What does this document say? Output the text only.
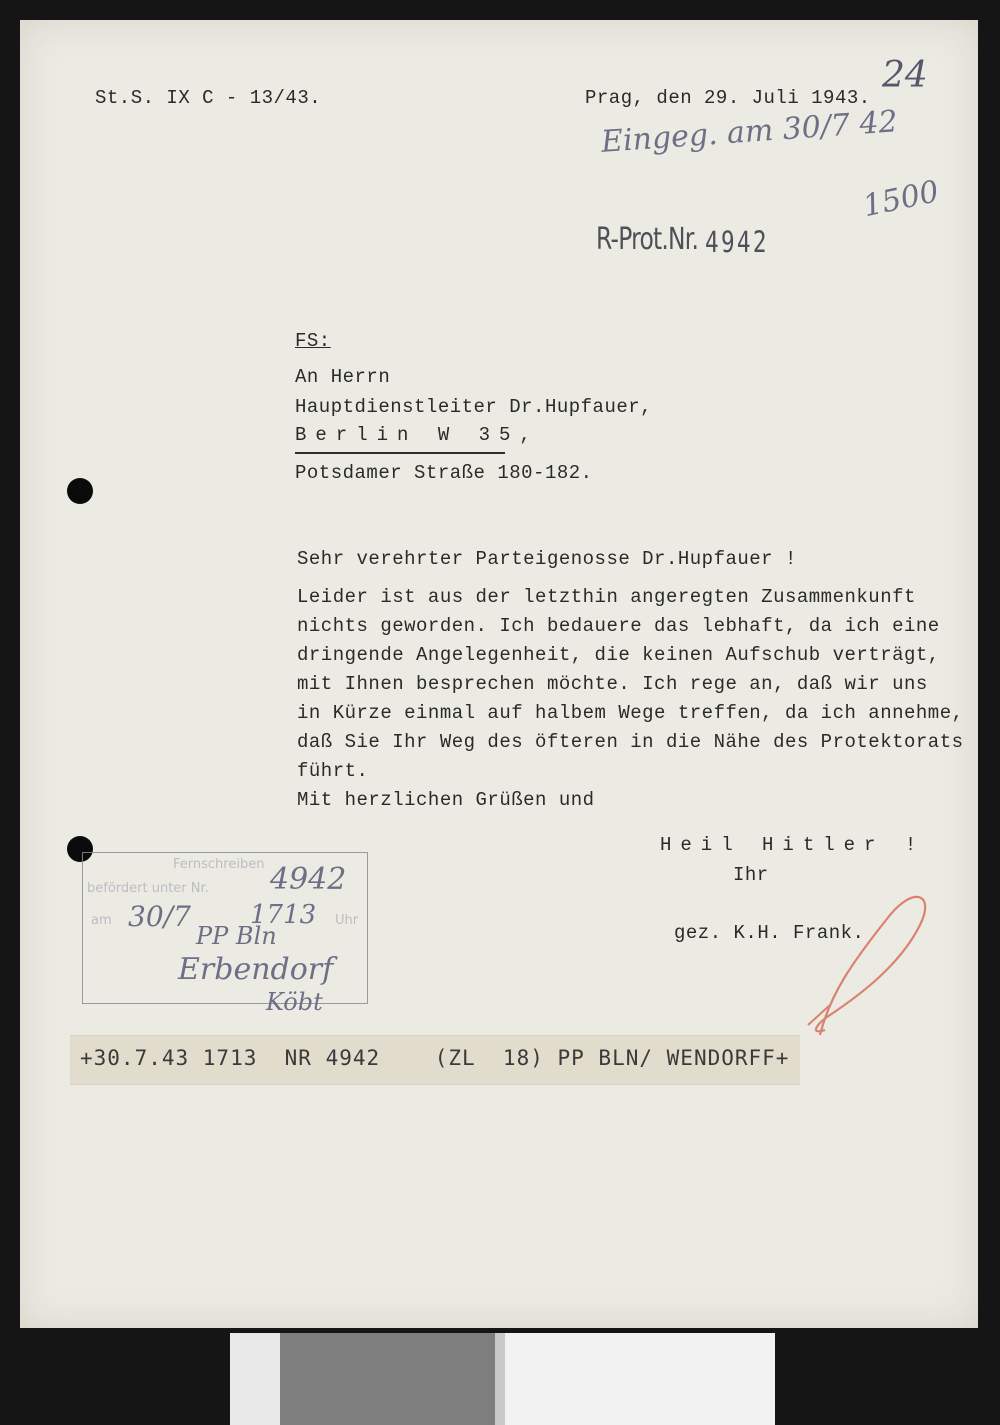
St.S. IX C - 13/43.	Prag, den 29. Juli 1943.
24
Eingeg. am 30/7 42
1500
R-Prot.Nr. 4942
FS:
An Herrn
Hauptdienstleiter Dr.Hupfauer,
Berlin W 35,
Potsdamer Straße 180-182.
Sehr verehrter Parteigenosse Dr.Hupfauer !
Leider ist aus der letzthin angeregten Zusammenkunft
nichts geworden. Ich bedauere das lebhaft, da ich eine
dringende Angelegenheit, die keinen Aufschub verträgt,
mit Ihnen besprechen möchte. Ich rege an, daß wir uns
in Kürze einmal auf halbem Wege treffen, da ich annehme,
daß Sie Ihr Weg des öfteren in die Nähe des Protektorats
führt.
Mit herzlichen Grüßen und
Heil Hitler !
Ihr
gez. K.H. Frank.
Fernschreiben
befördert unter Nr.
am	Uhr
4942
30/7 1713
PP Bln
Erbendorf
Köbt
+30.7.43 1713  NR 4942    (ZL  18) PP BLN/ WENDORFF+
